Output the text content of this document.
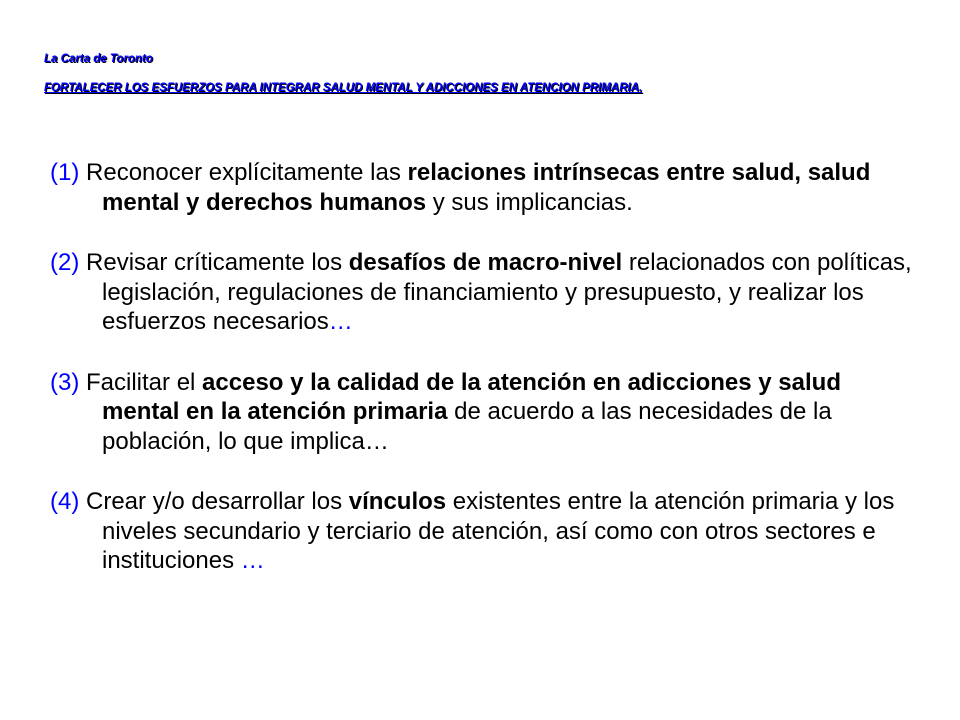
La Carta de Toronto
FORTALECER LOS ESFUERZOS PARA INTEGRAR SALUD MENTAL Y ADICCIONES EN ATENCION PRIMARIA.
(1) Reconocer explícitamente las relaciones intrínsecas entre salud, salud mental y derechos humanos y sus implicancias.
(2) Revisar críticamente los desafíos de macro-nivel relacionados con políticas, legislación, regulaciones de financiamiento y presupuesto, y realizar los esfuerzos necesarios…
(3) Facilitar el acceso y la calidad de la atención en adicciones y salud mental en la atención primaria de acuerdo a las necesidades de la población, lo que implica…
(4) Crear y/o desarrollar los vínculos existentes entre la atención primaria y los niveles secundario y terciario de atención, así como con otros sectores e instituciones …
